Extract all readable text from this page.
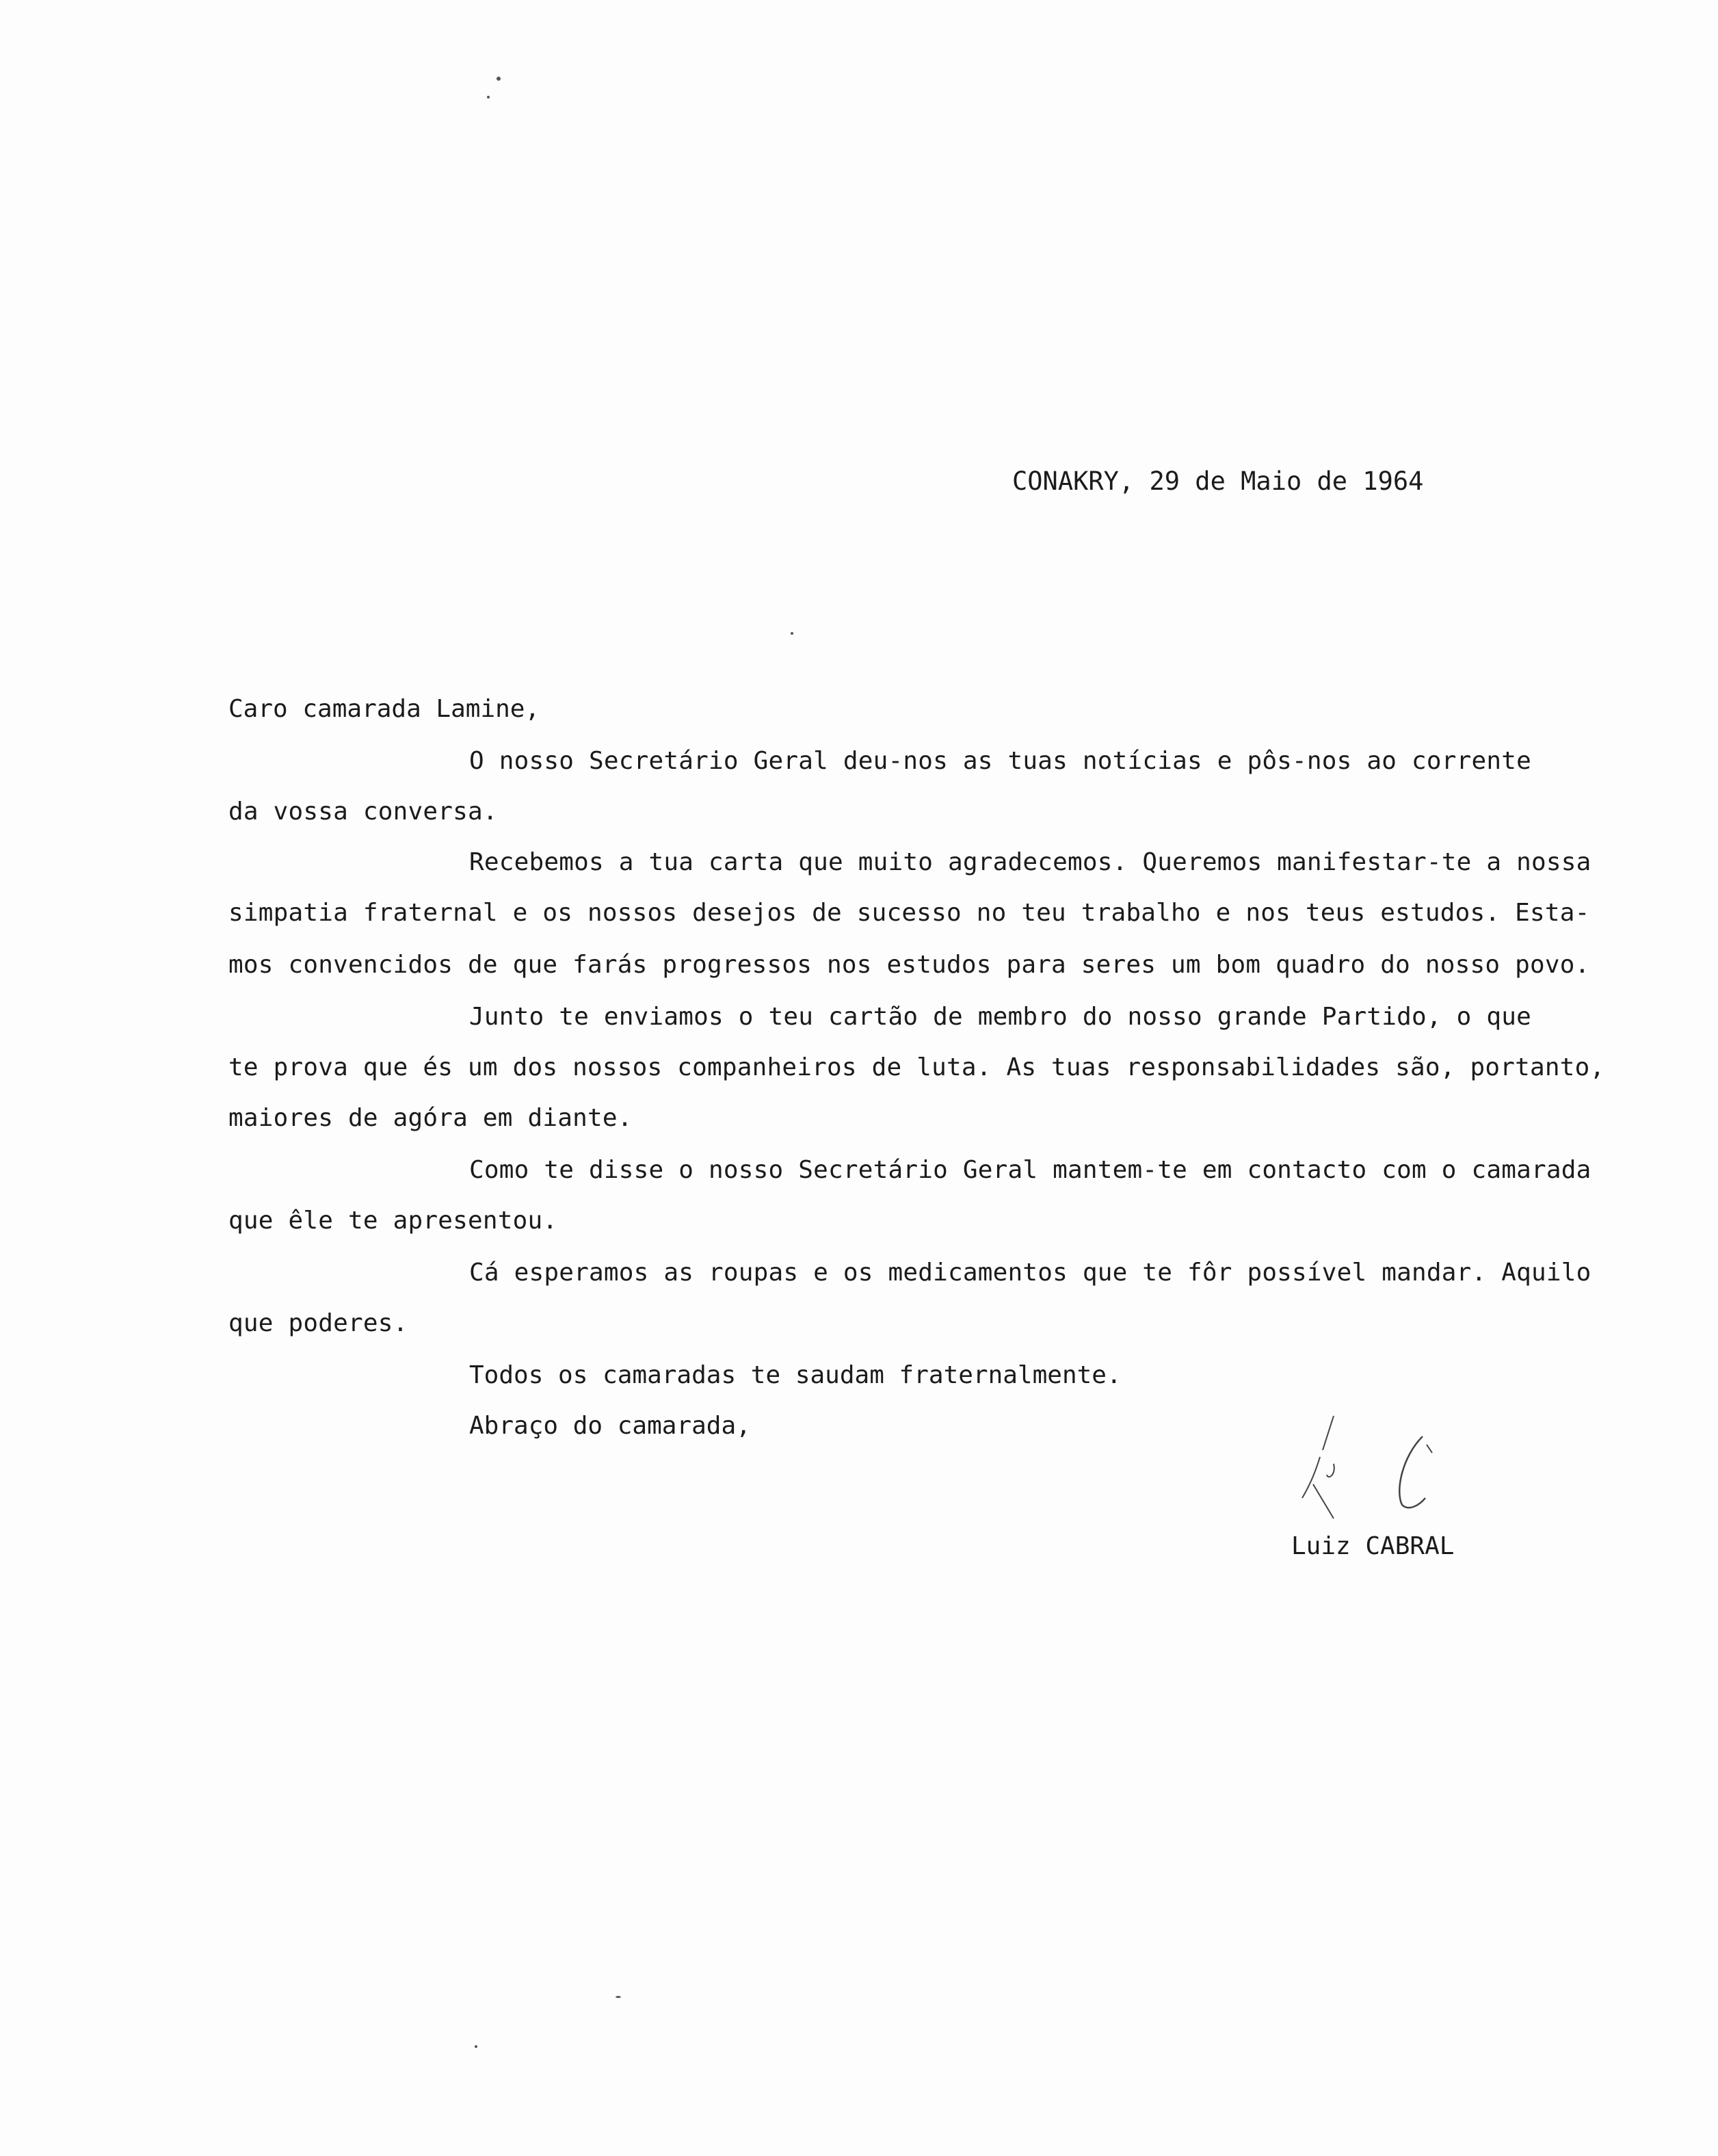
CONAKRY, 29 de Maio de 1964
Caro camarada Lamine,
O nosso Secretário Geral deu-nos as tuas notícias e pôs-nos ao corrente
da vossa conversa.
Recebemos a tua carta que muito agradecemos. Queremos manifestar-te a nossa
simpatia fraternal e os nossos desejos de sucesso no teu trabalho e nos teus estudos. Esta-
mos convencidos de que farás progressos nos estudos para seres um bom quadro do nosso povo.
Junto te enviamos o teu cartão de membro do nosso grande Partido, o que
te prova que és um dos nossos companheiros de luta. As tuas responsabilidades são, portanto,
maiores de agóra em diante.
Como te disse o nosso Secretário Geral mantem-te em contacto com o camarada
que êle te apresentou.
Cá esperamos as roupas e os medicamentos que te fôr possível mandar. Aquilo
que poderes.
Todos os camaradas te saudam fraternalmente.
Abraço do camarada,
Luiz CABRAL
